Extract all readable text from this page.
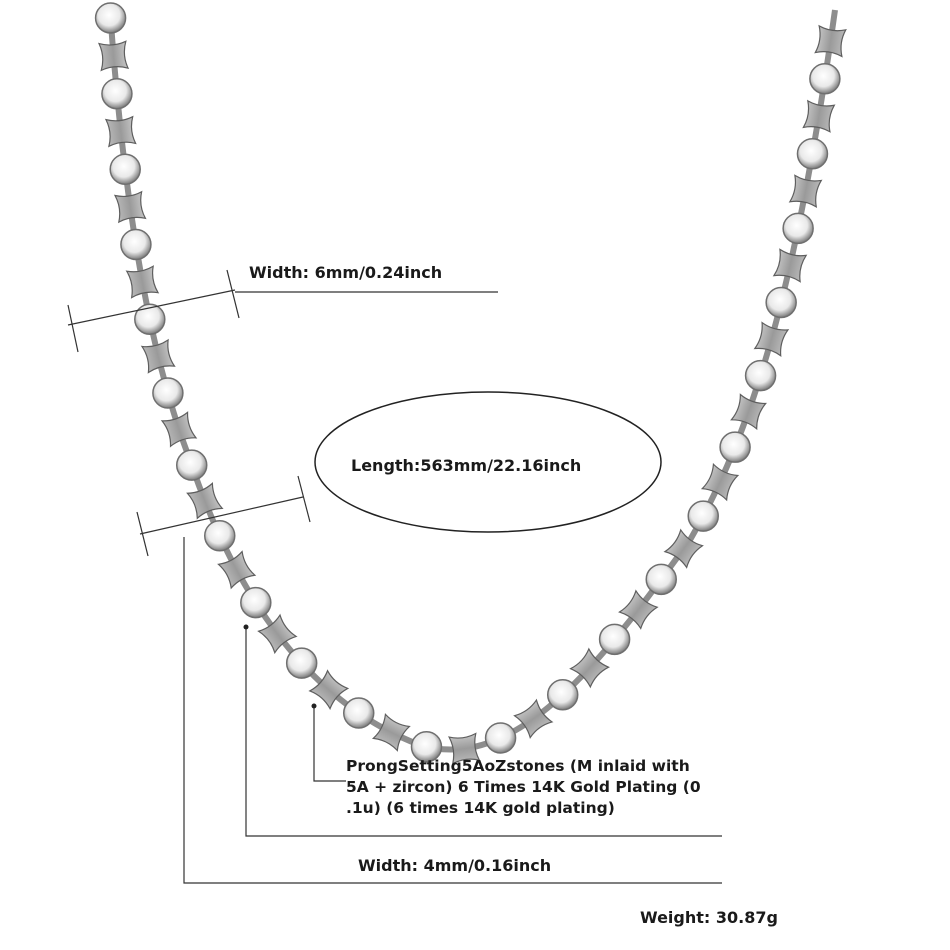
Width: 6mm/0.24inch
Length:563mm/22.16inch
ProngSetting5AoZstones (M inlaid with 5A + zircon) 6 Times 14K Gold Plating (0 .1u) (6 times 14K gold plating)
Width: 4mm/0.16inch
Weight: 30.87g
